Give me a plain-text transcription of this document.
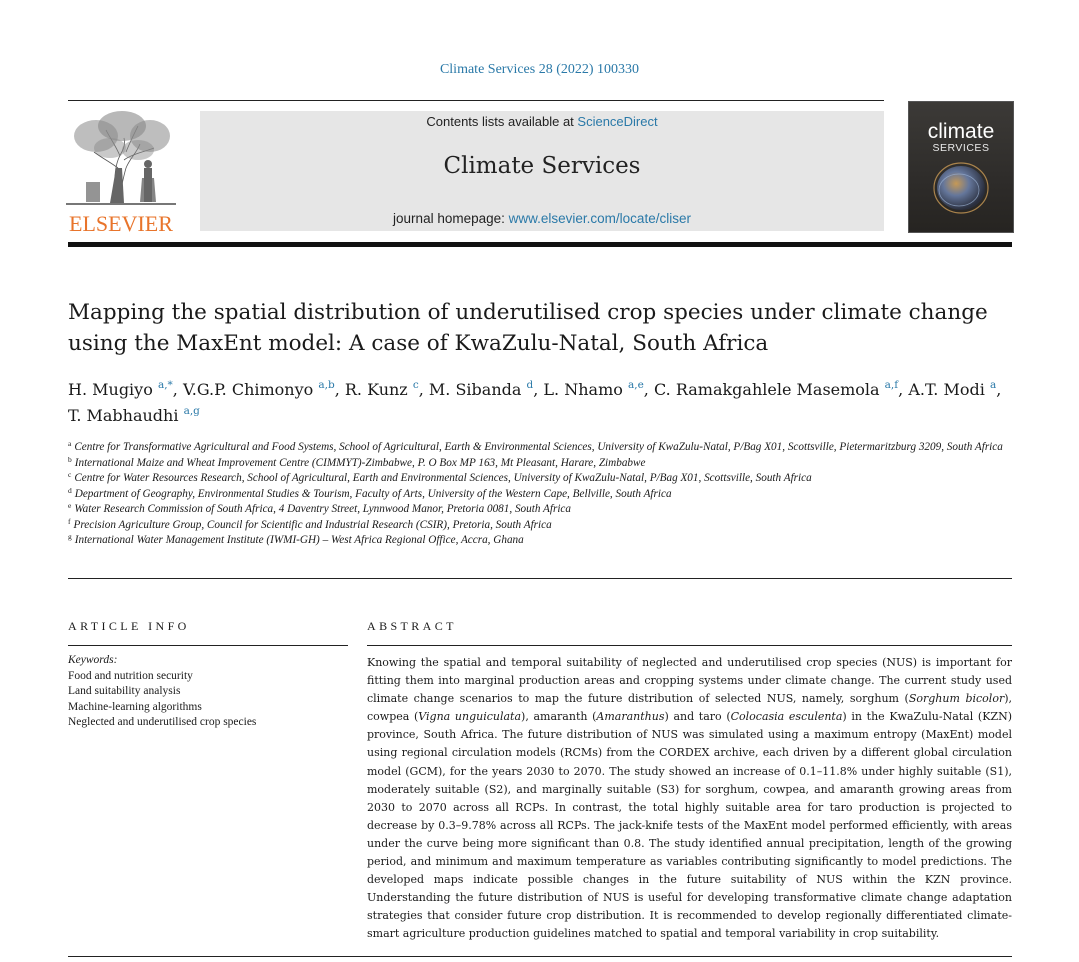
Climate Services 28 (2022) 100330
ELSEVIER
Contents lists available at ScienceDirect
Climate Services
journal homepage: www.elsevier.com/locate/cliser
climate
SERVICES
Mapping the spatial distribution of underutilised crop species under climate change using the MaxEnt model: A case of KwaZulu-Natal, South Africa
H. Mugiyo $^{a,*}$, V.G.P. Chimonyo $^{a,b}$, R. Kunz $^c$, M. Sibanda $^d$, L. Nhamo $^{a,e}$, C. Ramakgahlele Masemola $^{a,f}$, A.T. Modi $^a$, T. Mabhaudhi $^{a,g}$
$^a$ Centre for Transformative Agricultural and Food Systems, School of Agricultural, Earth & Environmental Sciences, University of KwaZulu-Natal, P/Bag X01, Scottsville, Pietermaritzburg 3209, South Africa
$^b$ International Maize and Wheat Improvement Centre (CIMMYT)-Zimbabwe, P. O Box MP 163, Mt Pleasant, Harare, Zimbabwe
$^c$ Centre for Water Resources Research, School of Agricultural, Earth and Environmental Sciences, University of KwaZulu-Natal, P/Bag X01, Scottsville, South Africa
$^d$ Department of Geography, Environmental Studies & Tourism, Faculty of Arts, University of the Western Cape, Bellville, South Africa
$^e$ Water Research Commission of South Africa, 4 Daventry Street, Lynnwood Manor, Pretoria 0081, South Africa
$^f$ Precision Agriculture Group, Council for Scientific and Industrial Research (CSIR), Pretoria, South Africa
$^g$ International Water Management Institute (IWMI-GH) – West Africa Regional Office, Accra, Ghana
ARTICLE INFO
Keywords:
Food and nutrition security
Land suitability analysis
Machine-learning algorithms
Neglected and underutilised crop species
ABSTRACT

Knowing the spatial and temporal suitability of neglected and underutilised crop species (NUS) is important for fitting them into marginal production areas and cropping systems under climate change. The current study used climate change scenarios to map the future distribution of selected NUS, namely, sorghum (Sorghum bicolor), cowpea (Vigna unguiculata), amaranth (Amaranthus) and taro (Colocasia esculenta) in the KwaZulu-Natal (KZN) province, South Africa. The future distribution of NUS was simulated using a maximum entropy (MaxEnt) model using regional circulation models (RCMs) from the CORDEX archive, each driven by a different global circulation model (GCM), for the years 2030 to 2070. The study showed an increase of 0.1–11.8% under highly suitable (S1), moderately suitable (S2), and marginally suitable (S3) for sorghum, cowpea, and amaranth growing areas from 2030 to 2070 across all RCPs. In contrast, the total highly suitable area for taro production is projected to decrease by 0.3–9.78% across all RCPs. The jack-knife tests of the MaxEnt model performed efficiently, with areas under the curve being more significant than 0.8. The study identified annual precipitation, length of the growing period, and minimum and maximum temperature as variables contributing significantly to model predictions. The developed maps indicate possible changes in the future suitability of NUS within the KZN province. Understanding the future distribution of NUS is useful for developing transformative climate change adaptation strategies that consider future crop distribution. It is recommended to develop regionally differentiated climate-smart agriculture production guidelines matched to spatial and temporal variability in crop suitability.
